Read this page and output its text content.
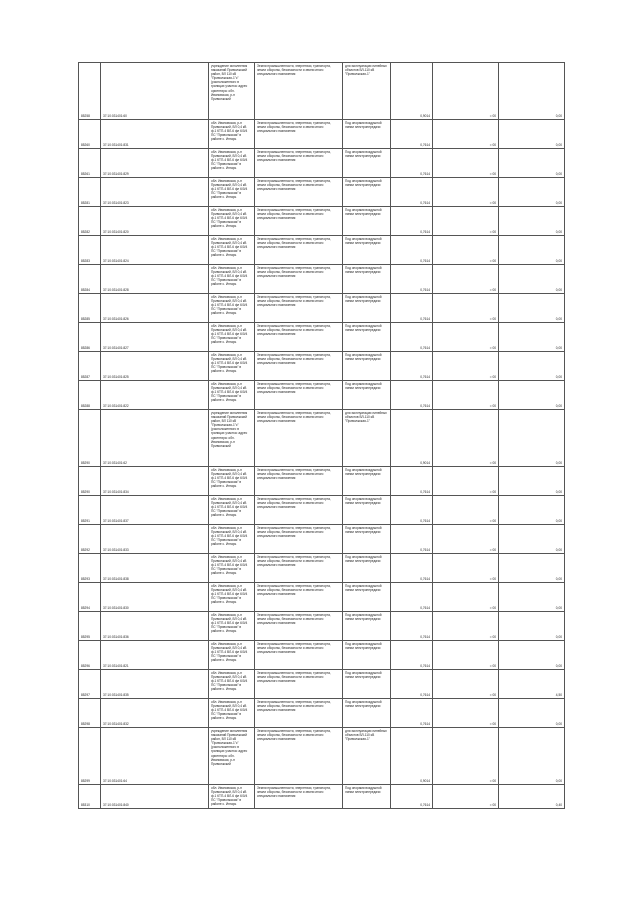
85258	37:10:031401:60	учреждение исполнения наказаний Приволжский район, ВЛ 110 кВ "Приволжская-1"с" (расположенного в границах участка: адрес ориентира: обл. Ивановская, р-н Приволжский	Земли промышленности, энергетики, транспорта, земли обороны, безопасности и земли иного специального назначения	для эксплуатации линейных объектов ВЛ-110 кВ "Приволжская-1"	0,9014	= 00	0,00
85260	37:10:031401:831	обл. Ивановская, р-н Приволжский, ВЛ 0,4 кВ ф.1 КТП-4 ВЛ-6 фл 6/0/4 ПС "Приволжская" в районе с. Ингарь	Земли промышленности, энергетики, транспорта, земли обороны, безопасности и земли иного специального назначения	Под опорами воздушной линии электропередачи	0,7614	= 00	0,00
85261	37:10:031401:829	обл. Ивановская, р-н Приволжский, ВЛ 0,4 кВ ф.1 КТП-4 ВЛ-6 фл 6/0/4 ПС "Приволжская" в районе с. Ингарь	Земли промышленности, энергетики, транспорта, земли обороны, безопасности и земли иного специального назначения	Под опорами воздушной линии электропередачи	0,7614	= 00	0,00
85281	37:10:031401:823	обл. Ивановская, р-н Приволжский, ВЛ 0,4 кВ ф.1 КТП-4 ВЛ-6 фл 6/0/4 ПС "Приволжская" в районе с. Ингарь	Земли промышленности, энергетики, транспорта, земли обороны, безопасности и земли иного специального назначения	Под опорами воздушной линии электропередачи	0,7614	= 00	0,00
85282	37:10:031401:820	обл. Ивановская, р-н Приволжский, ВЛ 0,4 кВ ф.1 КТП-4 ВЛ-6 фл 6/0/4 ПС "Приволжская" в районе с. Ингарь	Земли промышленности, энергетики, транспорта, земли обороны, безопасности и земли иного специального назначения	Под опорами воздушной линии электропередачи	0,7614	= 00	0,00
85283	37:10:031401:824	обл. Ивановская, р-н Приволжский, ВЛ 0,4 кВ ф.1 КТП-4 ВЛ-6 фл 6/0/4 ПС "Приволжская" в районе с. Ингарь	Земли промышленности, энергетики, транспорта, земли обороны, безопасности и земли иного специального назначения	Под опорами воздушной линии электропередачи	0,7614	= 00	0,00
85284	37:10:031401:828	обл. Ивановская, р-н Приволжский, ВЛ 0,4 кВ ф.1 КТП-4 ВЛ-6 фл 6/0/4 ПС "Приволжская" в районе с. Ингарь	Земли промышленности, энергетики, транспорта, земли обороны, безопасности и земли иного специального назначения	Под опорами воздушной линии электропередачи	0,7614	= 00	0,00
85285	37:10:031401:826	обл. Ивановская, р-н Приволжский, ВЛ 0,4 кВ ф.1 КТП-4 ВЛ-6 фл 6/0/4 ПС "Приволжская" в районе с. Ингарь	Земли промышленности, энергетики, транспорта, земли обороны, безопасности и земли иного специального назначения	Под опорами воздушной линии электропередачи	0,7614	= 00	0,00
85286	37:10:031401:827	обл. Ивановская, р-н Приволжский, ВЛ 0,4 кВ ф.1 КТП-4 ВЛ-6 фл 6/0/4 ПС "Приволжская" в районе с. Ингарь	Земли промышленности, энергетики, транспорта, земли обороны, безопасности и земли иного специального назначения	Под опорами воздушной линии электропередачи	0,7614	= 00	0,00
85287	37:10:031401:825	обл. Ивановская, р-н Приволжский, ВЛ 0,4 кВ ф.1 КТП-4 ВЛ-6 фл 6/0/4 ПС "Приволжская" в районе с. Ингарь	Земли промышленности, энергетики, транспорта, земли обороны, безопасности и земли иного специального назначения	Под опорами воздушной линии электропередачи	0,7614	= 00	0,00
85288	37:10:031401:822	обл. Ивановская, р-н Приволжский, ВЛ 0,4 кВ ф.1 КТП-4 ВЛ-6 фл 6/0/4 ПС "Приволжская" в районе с. Ингарь	Земли промышленности, энергетики, транспорта, земли обороны, безопасности и земли иного специального назначения	Под опорами воздушной линии электропередачи	0,7614	= 00	0,00
85290	37:10:031401:62	учреждение исполнения наказаний Приволжский район, ВЛ 110 кВ "Приволжская-1"с" (расположенного в границах участка: адрес ориентира: обл. Ивановская, р-н Приволжский	Земли промышленности, энергетики, транспорта, земли обороны, безопасности и земли иного специального назначения	для эксплуатации линейных объектов ВЛ-110 кВ "Приволжская-1"	0,9014	= 00	0,00
85290	37:10:031401:834	обл. Ивановская, р-н Приволжский, ВЛ 0,4 кВ ф.1 КТП-4 ВЛ-6 фл 6/0/4 ПС "Приволжская" в районе с. Ингарь	Земли промышленности, энергетики, транспорта, земли обороны, безопасности и земли иного специального назначения	Под опорами воздушной линии электропередачи	0,7614	= 00	0,00
85291	37:10:031401:837	обл. Ивановская, р-н Приволжский, ВЛ 0,4 кВ ф.1 КТП-4 ВЛ-6 фл 6/0/4 ПС "Приволжская" в районе с. Ингарь	Земли промышленности, энергетики, транспорта, земли обороны, безопасности и земли иного специального назначения	Под опорами воздушной линии электропередачи	0,7614	= 00	0,00
85292	37:10:031401:833	обл. Ивановская, р-н Приволжский, ВЛ 0,4 кВ ф.1 КТП-4 ВЛ-6 фл 6/0/4 ПС "Приволжская" в районе с. Ингарь	Земли промышленности, энергетики, транспорта, земли обороны, безопасности и земли иного специального назначения	Под опорами воздушной линии электропередачи	0,7614	= 00	0,00
85293	37:10:031401:838	обл. Ивановская, р-н Приволжский, ВЛ 0,4 кВ ф.1 КТП-4 ВЛ-6 фл 6/0/4 ПС "Приволжская" в районе с. Ингарь	Земли промышленности, энергетики, транспорта, земли обороны, безопасности и земли иного специального назначения	Под опорами воздушной линии электропередачи	0,7614	= 00	0,00
85294	37:10:031401:830	обл. Ивановская, р-н Приволжский, ВЛ 0,4 кВ ф.1 КТП-4 ВЛ-6 фл 6/0/4 ПС "Приволжская" в районе с. Ингарь	Земли промышленности, энергетики, транспорта, земли обороны, безопасности и земли иного специального назначения	Под опорами воздушной линии электропередачи	0,7614	= 00	0,00
85295	37:10:031401:836	обл. Ивановская, р-н Приволжский, ВЛ 0,4 кВ ф.1 КТП-4 ВЛ-6 фл 6/0/4 ПС "Приволжская" в районе с. Ингарь	Земли промышленности, энергетики, транспорта, земли обороны, безопасности и земли иного специального назначения	Под опорами воздушной линии электропередачи	0,7614	= 00	0,00
85296	37:10:031401:821	обл. Ивановская, р-н Приволжский, ВЛ 0,4 кВ ф.1 КТП-4 ВЛ-6 фл 6/0/4 ПС "Приволжская" в районе с. Ингарь	Земли промышленности, энергетики, транспорта, земли обороны, безопасности и земли иного специального назначения	Под опорами воздушной линии электропередачи	0,7614	= 00	0,00
85297	37:10:031401:835	обл. Ивановская, р-н Приволжский, ВЛ 0,4 кВ ф.1 КТП-4 ВЛ-6 фл 6/0/4 ПС "Приволжская" в районе с. Ингарь	Земли промышленности, энергетики, транспорта, земли обороны, безопасности и земли иного специального назначения	Под опорами воздушной линии электропередачи	0,7614	= 00	4,50
85298	37:10:031401:832	обл. Ивановская, р-н Приволжский, ВЛ 0,4 кВ ф.1 КТП-4 ВЛ-6 фл 6/0/4 ПС "Приволжская" в районе с. Ингарь	Земли промышленности, энергетики, транспорта, земли обороны, безопасности и земли иного специального назначения	Под опорами воздушной линии электропередачи	0,7614	= 00	0,00
85299	37:10:031401:64	учреждение исполнения наказаний Приволжский район, ВЛ 110 кВ "Приволжская-1"с" (расположенного в границах участка: адрес ориентира: обл. Ивановская, р-н Приволжский	Земли промышленности, энергетики, транспорта, земли обороны, безопасности и земли иного специального назначения	для эксплуатации линейных объектов ВЛ-110 кВ "Приволжская-1"	0,9014	= 00	0,00
85310	37:10:031401:840	обл. Ивановская, р-н Приволжский, ВЛ 0,4 кВ ф.1 КТП-4 ВЛ-6 фл 6/0/4 ПС "Приволжская" в районе с. Ингарь	Земли промышленности, энергетики, транспорта, земли обороны, безопасности и земли иного специального назначения	Под опорами воздушной линии электропередачи	0,7614	= 00	0,40
